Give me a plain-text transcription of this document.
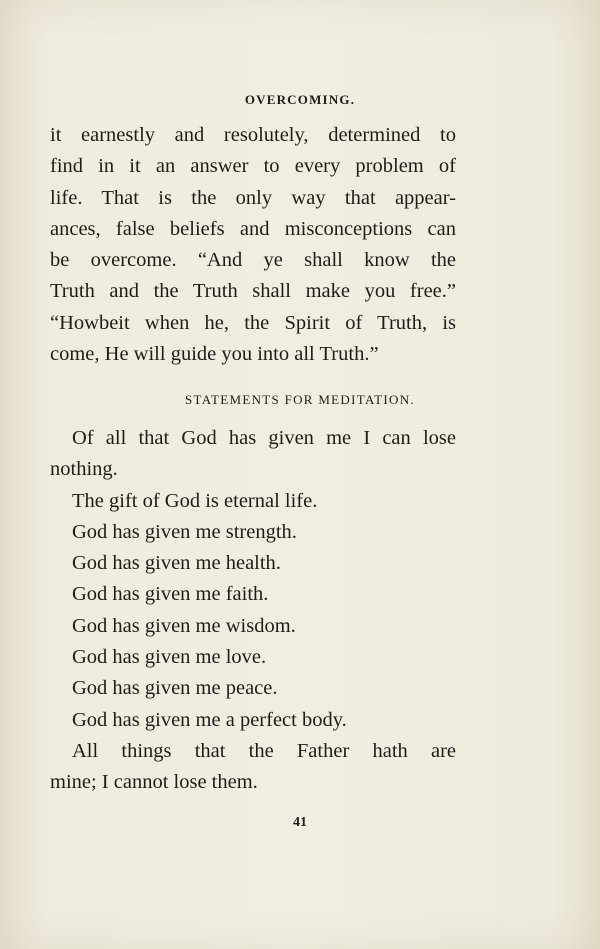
OVERCOMING.
it earnestly and resolutely, determined to
find in it an answer to every problem of
life. That is the only way that appear-
ances, false beliefs and misconceptions can
be overcome. “And ye shall know the
Truth and the Truth shall make you free.”
“Howbeit when he, the Spirit of Truth, is
come, He will guide you into all Truth.”
STATEMENTS FOR MEDITATION.
Of all that God has given me I can lose
nothing.
The gift of God is eternal life.
God has given me strength.
God has given me health.
God has given me faith.
God has given me wisdom.
God has given me love.
God has given me peace.
God has given me a perfect body.
All things that the Father hath are
mine; I cannot lose them.
41
